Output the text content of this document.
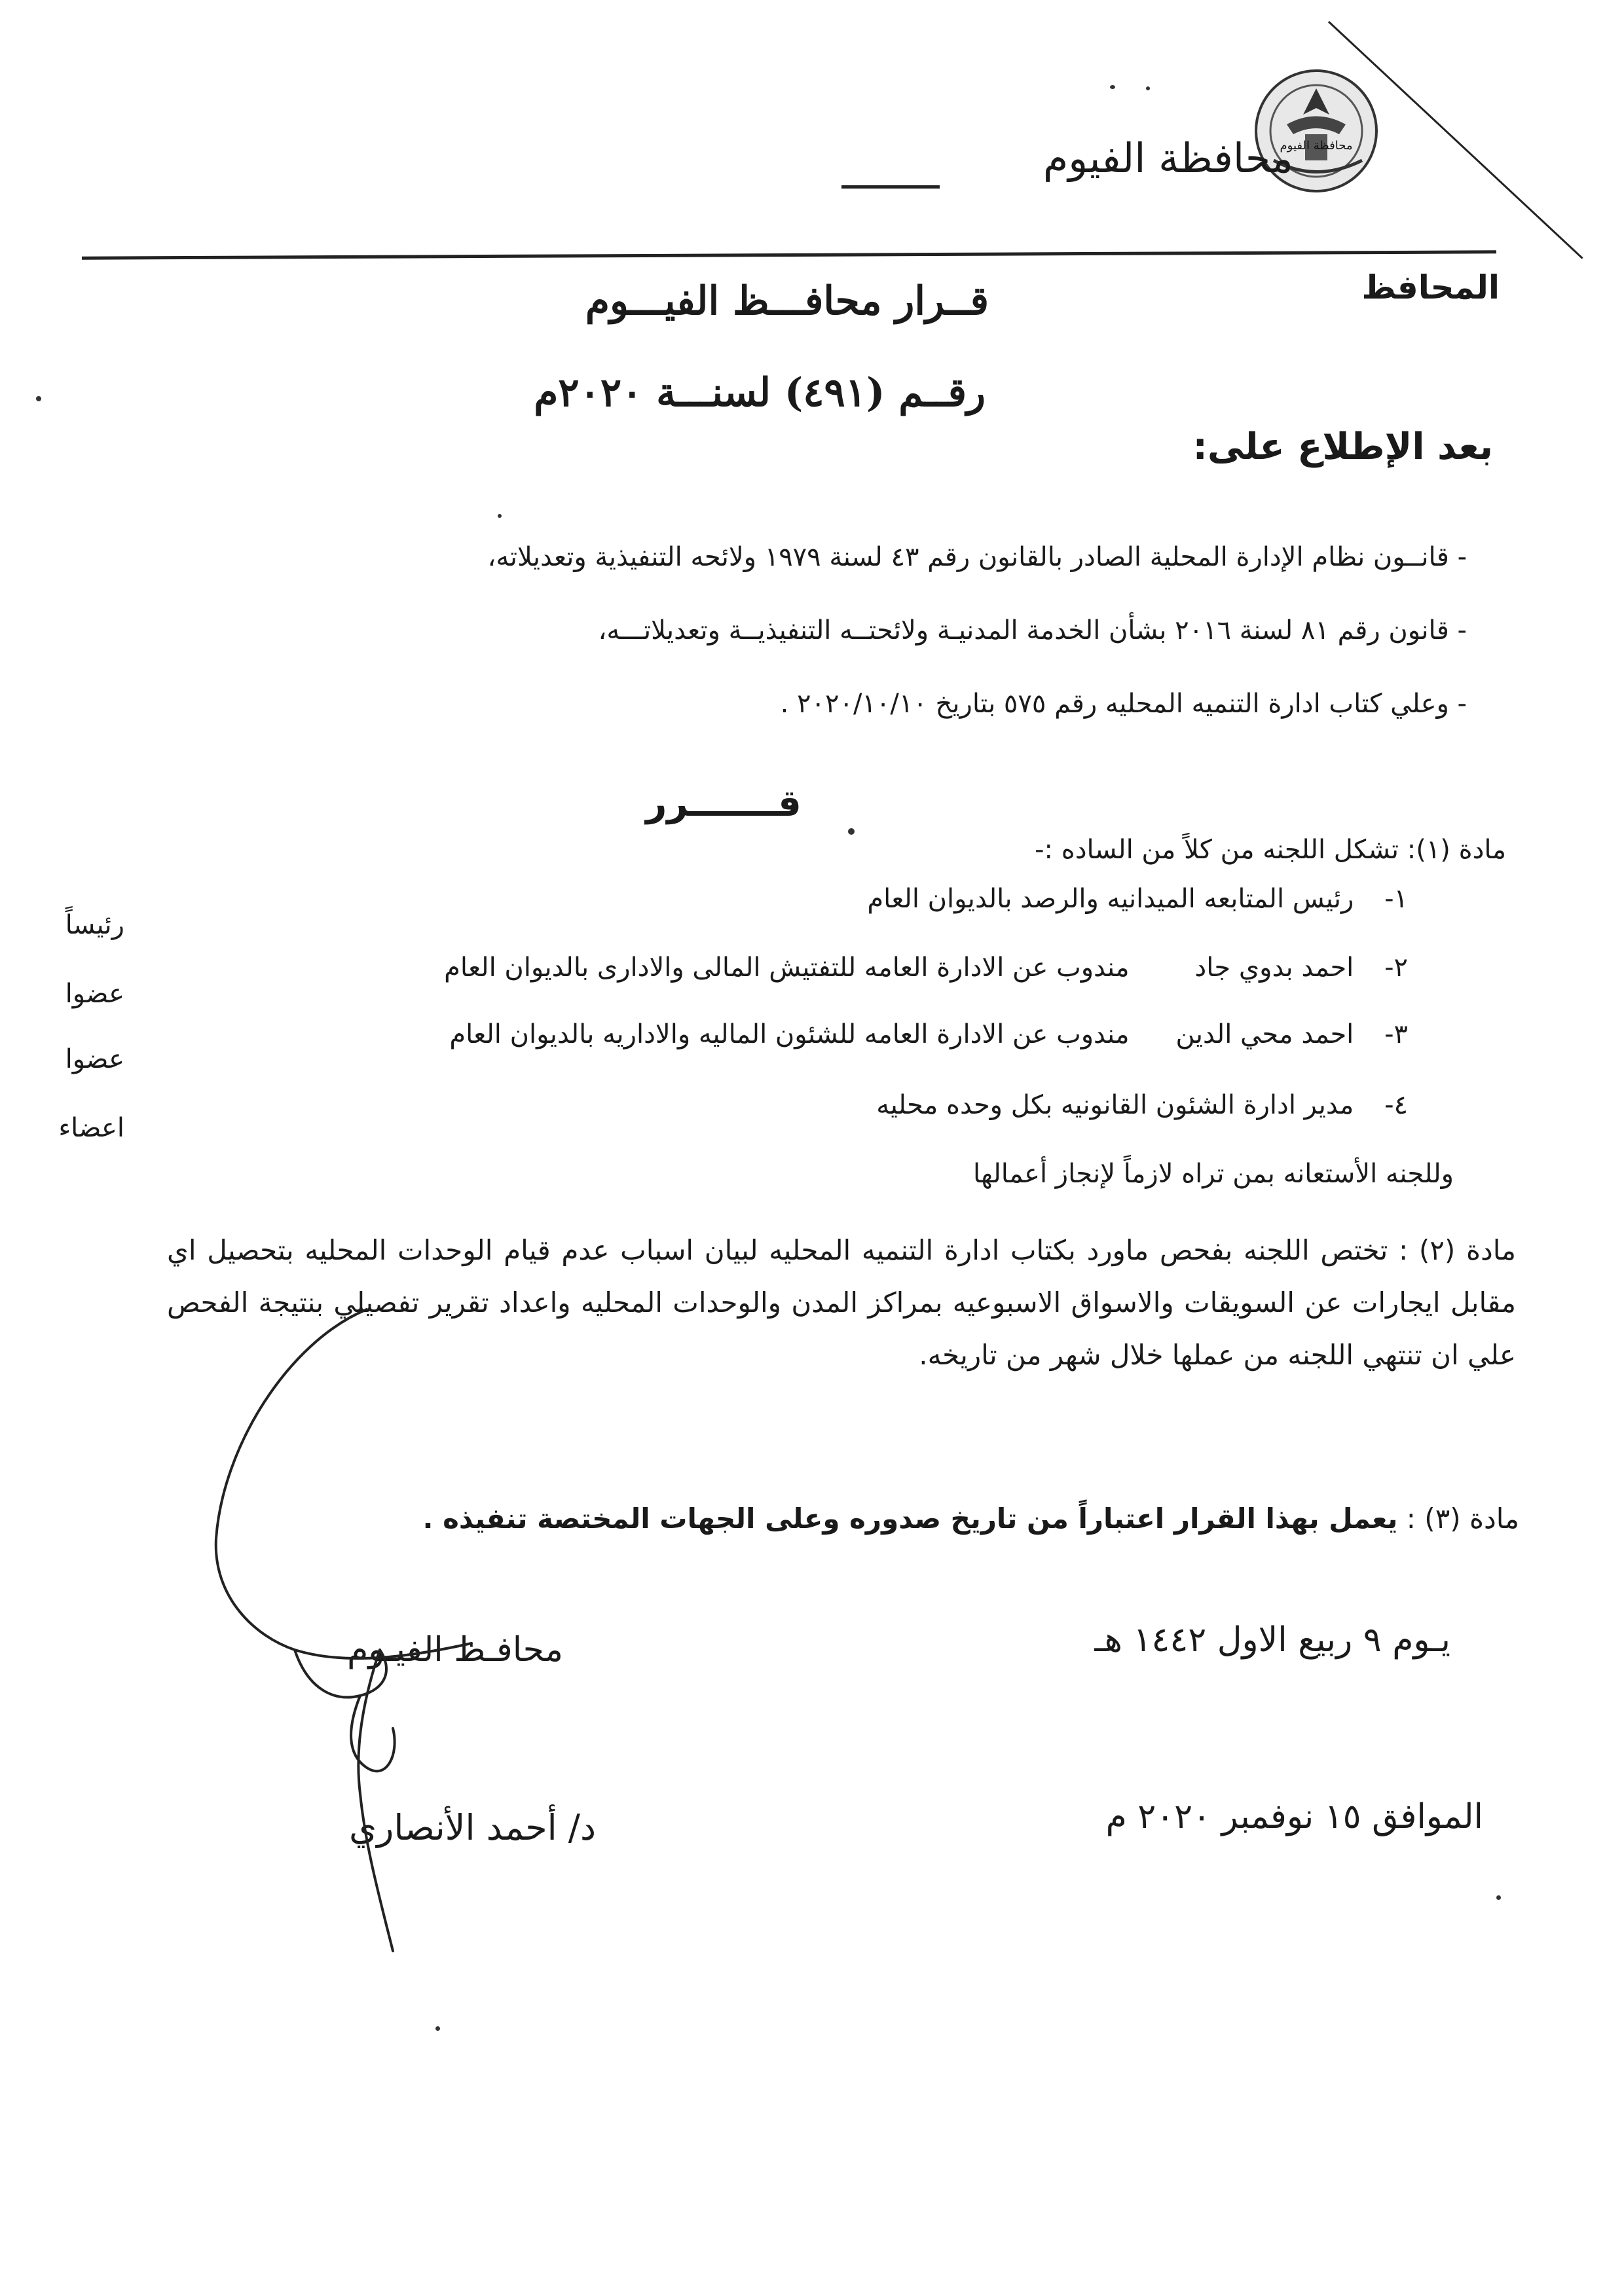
محافظة الفيوم
محافظة الفيوم
المحافظ
قــرار محافـــظ الفيـــوم
رقــم (٤٩١) لسنـــة ٢٠٢٠م
بعد الإطلاع على:
- قانــون نظام الإدارة المحلية الصادر بالقانون رقم ٤٣ لسنة ١٩٧٩ ولائحه التنفيذية وتعديلاته،
- قانون رقم ٨١ لسنة ٢٠١٦ بشأن الخدمة المدنيـة ولائحتــه التنفيذيــة وتعديلاتـــه،
- وعلي كتاب ادارة التنميه المحليه رقم ٥٧٥ بتاريخ ٢٠٢٠/١٠/١٠ .
قـــــــرر
مادة (١): تشكل اللجنه من كلاً من الساده :-
١- رئيس المتابعه الميدانيه والرصد بالديوان العام
٢- احمد بدوي جاد مندوب عن الادارة العامه للتفتيش المالى والادارى بالديوان العام
٣- احمد محي الدين مندوب عن الادارة العامه للشئون الماليه والاداريه بالديوان العام
٤- مدير ادارة الشئون القانونيه بكل وحده محليه
رئيساً
عضوا
عضوا
اعضاء
وللجنه الأستعانه بمن تراه لازماً لإنجاز أعمالها
مادة (٢) : تختص اللجنه بفحص ماورد بكتاب ادارة التنميه المحليه لبيان اسباب عدم قيام الوحدات المحليه بتحصيل اي مقابل ايجارات عن السويقات والاسواق الاسبوعيه بمراكز المدن والوحدات المحليه واعداد تقرير تفصيلي بنتيجة الفحص علي ان تنتهي اللجنه من عملها خلال شهر من تاريخه.
مادة (٣) : يعمل بهذا القرار اعتباراً من تاريخ صدوره وعلى الجهات المختصة تنفيذه .
يـوم ٩ ربيع الاول ١٤٤٢ هـ
الموافق ١٥ نوفمبر ٢٠٢٠ م
محافـظ الفيـوم
د/ أحمد الأنصاري
